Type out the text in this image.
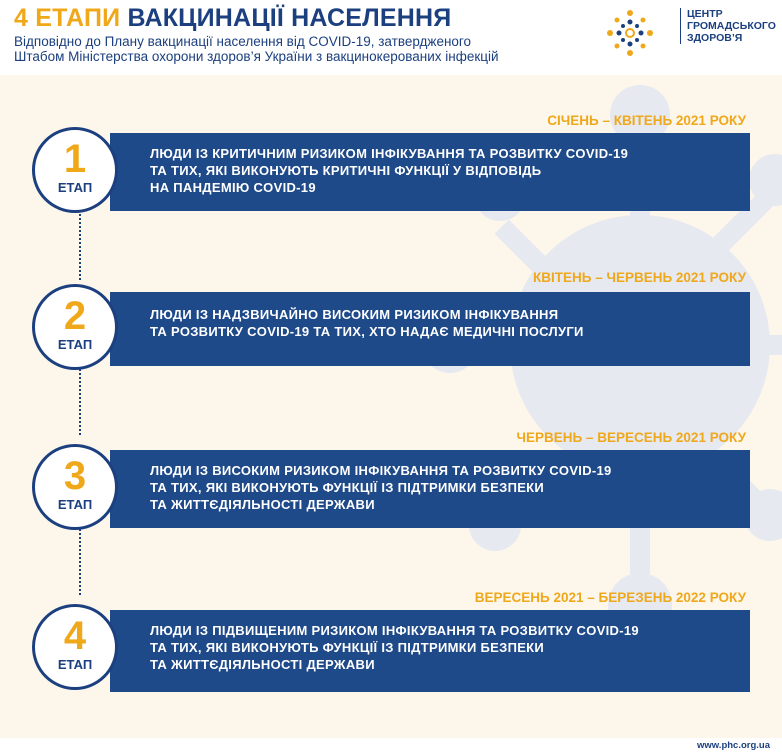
4 ЕТАПИ ВАКЦИНАЦІЇ НАСЕЛЕННЯ
Відповідно до Плану вакцинації населення від COVID-19, затвердженого
Штабом Міністерства охорони здоров’я України з вакцинокерованих інфекцій
ЦЕНТР
ГРОМАДСЬКОГО
ЗДОРОВ’Я
СІЧЕНЬ – КВІТЕНЬ 2021 РОКУ
ЛЮДИ ІЗ КРИТИЧНИМ РИЗИКОМ ІНФІКУВАННЯ ТА РОЗВИТКУ COVID-19
ТА ТИХ, ЯКІ ВИКОНУЮТЬ КРИТИЧНІ ФУНКЦІЇ У ВІДПОВІДЬ
НА ПАНДЕМІЮ COVID-19
1
ЕТАП
КВІТЕНЬ – ЧЕРВЕНЬ 2021 РОКУ
ЛЮДИ ІЗ НАДЗВИЧАЙНО ВИСОКИМ РИЗИКОМ ІНФІКУВАННЯ
ТА РОЗВИТКУ COVID-19 ТА ТИХ, ХТО НАДАЄ МЕДИЧНІ ПОСЛУГИ
2
ЕТАП
ЧЕРВЕНЬ – ВЕРЕСЕНЬ 2021 РОКУ
ЛЮДИ ІЗ ВИСОКИМ РИЗИКОМ ІНФІКУВАННЯ ТА РОЗВИТКУ COVID-19
ТА ТИХ, ЯКІ ВИКОНУЮТЬ ФУНКЦІЇ ІЗ ПІДТРИМКИ БЕЗПЕКИ
ТА ЖИТТЄДІЯЛЬНОСТІ ДЕРЖАВИ
3
ЕТАП
ВЕРЕСЕНЬ 2021 – БЕРЕЗЕНЬ 2022 РОКУ
ЛЮДИ ІЗ ПІДВИЩЕНИМ РИЗИКОМ ІНФІКУВАННЯ ТА РОЗВИТКУ COVID-19
ТА ТИХ, ЯКІ ВИКОНУЮТЬ ФУНКЦІЇ ІЗ ПІДТРИМКИ БЕЗПЕКИ
ТА ЖИТТЄДІЯЛЬНОСТІ ДЕРЖАВИ
4
ЕТАП
www.phc.org.ua
